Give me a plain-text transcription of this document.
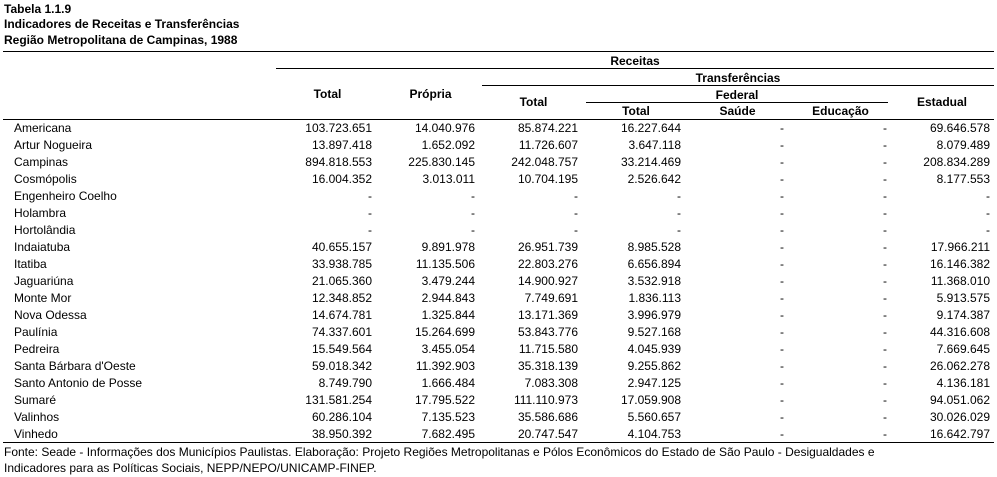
Tabela 1.1.9
Indicadores de Receitas e Transferências
Região Metropolitana de Campinas, 1988
Receitas
Transferências
Federal
Total	Própria
Total
Total	Saúde	Educação
Estadual
Americana	103.723.651	14.040.976	85.874.221	16.227.644	-	-	69.646.578
Artur Nogueira	13.897.418	1.652.092	11.726.607	3.647.118	-	-	8.079.489
Campinas	894.818.553	225.830.145	242.048.757	33.214.469	-	-	208.834.289
Cosmópolis	16.004.352	3.013.011	10.704.195	2.526.642	-	-	8.177.553
Engenheiro Coelho	-	-	-	-	-	-	-
Holambra	-	-	-	-	-	-	-
Hortolândia	-	-	-	-	-	-	-
Indaiatuba	40.655.157	9.891.978	26.951.739	8.985.528	-	-	17.966.211
Itatiba	33.938.785	11.135.506	22.803.276	6.656.894	-	-	16.146.382
Jaguariúna	21.065.360	3.479.244	14.900.927	3.532.918	-	-	11.368.010
Monte Mor	12.348.852	2.944.843	7.749.691	1.836.113	-	-	5.913.575
Nova Odessa	14.674.781	1.325.844	13.171.369	3.996.979	-	-	9.174.387
Paulínia	74.337.601	15.264.699	53.843.776	9.527.168	-	-	44.316.608
Pedreira	15.549.564	3.455.054	11.715.580	4.045.939	-	-	7.669.645
Santa Bárbara d'Oeste	59.018.342	11.392.903	35.318.139	9.255.862	-	-	26.062.278
Santo Antonio de Posse	8.749.790	1.666.484	7.083.308	2.947.125	-	-	4.136.181
Sumaré	131.581.254	17.795.522	111.110.973	17.059.908	-	-	94.051.062
Valinhos	60.286.104	7.135.523	35.586.686	5.560.657	-	-	30.026.029
Vinhedo	38.950.392	7.682.495	20.747.547	4.104.753	-	-	16.642.797
Fonte: Seade - Informações dos Municípios Paulistas. Elaboração: Projeto Regiões Metropolitanas e Pólos Econômicos do Estado de São Paulo - Desigualdades e
Indicadores para as Políticas Sociais, NEPP/NEPO/UNICAMP-FINEP.
